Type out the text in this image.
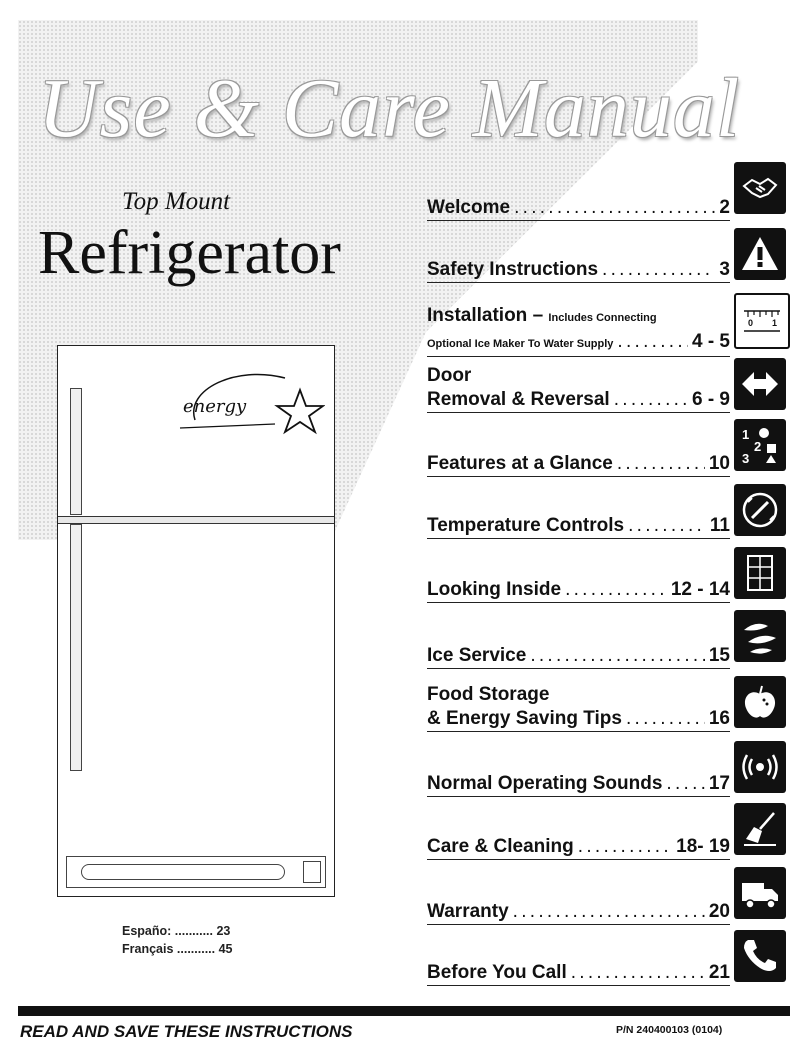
Use & Care Manual
Top Mount
Refrigerator
energy
Españo: ........... 23
Français ........... 45
Welcome . . .	2
Safety Instructions . . .	3
Installation –
Includes Connecting
Optional Ice Maker To Water Supply . . .	4 - 5
0 1
Door
Removal & Reversal . . .	6 - 9
Features at a Glance . . .	10
1
2
3
Temperature Controls . . .	11
Looking Inside . . .	12 - 14
Ice Service . . .	15
Food Storage
& Energy Saving Tips . . .	16
Normal Operating Sounds . . . 17
Care & Cleaning . . .	18- 19
Warranty . . .	20
Before You Call . . .	21
READ AND SAVE THESE INSTRUCTIONS	P/N 240400103 (0104)
